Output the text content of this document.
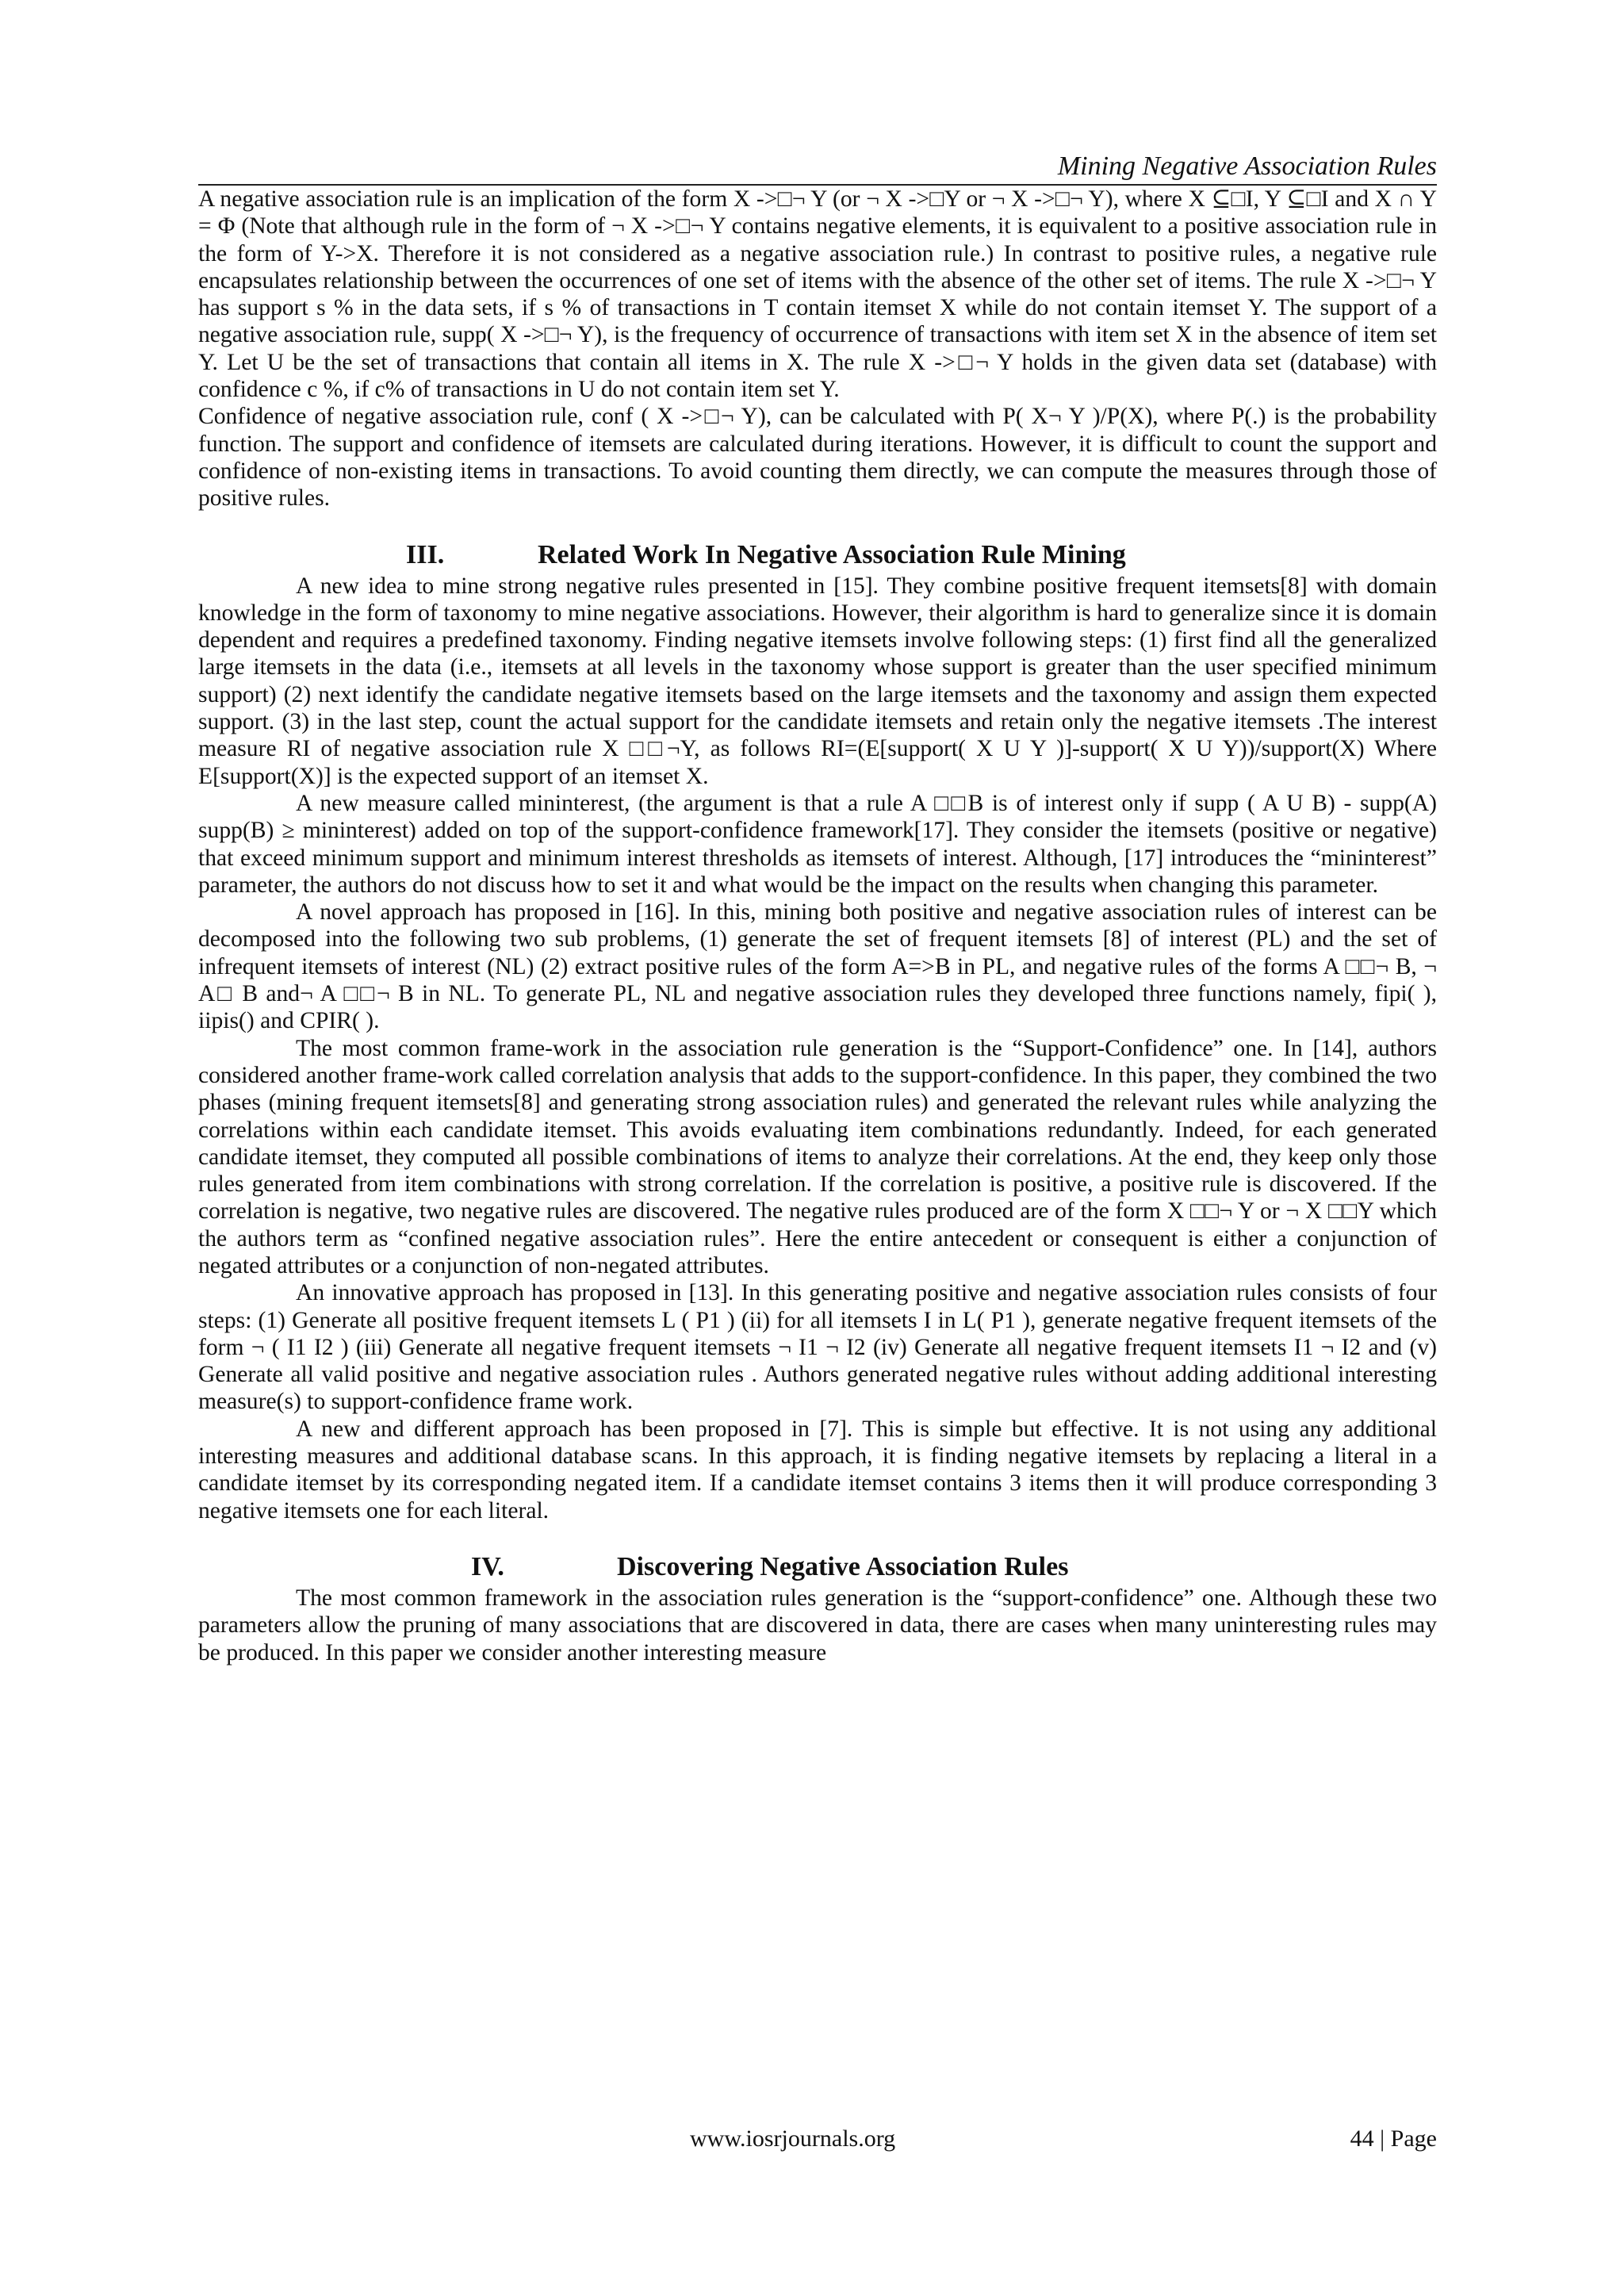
Mining Negative Association Rules

A negative association rule is an implication of the form X ->□¬ Y (or ¬ X ->□Y or ¬ X ->□¬ Y), where X ⊆□I, Y ⊆□I and X ∩ Y = Φ (Note that although rule in the form of ¬ X ->□¬ Y contains negative elements, it is equivalent to a positive association rule in the form of Y->X. Therefore it is not considered as a negative association rule.) In contrast to positive rules, a negative rule encapsulates relationship between the occurrences of one set of items with the absence of the other set of items. The rule X ->□¬ Y has support s % in the data sets, if s % of transactions in T contain itemset X while do not contain itemset Y. The support of a negative association rule, supp( X ->□¬ Y), is the frequency of occurrence of transactions with item set X in the absence of item set Y. Let U be the set of transactions that contain all items in X. The rule X ->□¬ Y holds in the given data set (database) with confidence c %, if c% of transactions in U do not contain item set Y.

Confidence of negative association rule, conf ( X ->□¬ Y), can be calculated with P( X¬ Y )/P(X), where P(.) is the probability function. The support and confidence of itemsets are calculated during iterations. However, it is difficult to count the support and confidence of non-existing items in transactions. To avoid counting them directly, we can compute the measures through those of positive rules.

III.	Related Work In Negative Association Rule Mining

A new idea to mine strong negative rules presented in [15]. They combine positive frequent itemsets[8] with domain knowledge in the form of taxonomy to mine negative associations. However, their algorithm is hard to generalize since it is domain dependent and requires a predefined taxonomy. Finding negative itemsets involve following steps: (1) first find all the generalized large itemsets in the data (i.e., itemsets at all levels in the taxonomy whose support is greater than the user specified minimum support) (2) next identify the candidate negative itemsets based on the large itemsets and the taxonomy and assign them expected support. (3) in the last step, count the actual support for the candidate itemsets and retain only the negative itemsets .The interest measure RI of negative association rule X □□¬Y, as follows RI=(E[support( X U Y )]-support( X U Y))/support(X) Where E[support(X)] is the expected support of an itemset X.

A new measure called mininterest, (the argument is that a rule A □□B is of interest only if supp ( A U B) - supp(A) supp(B) ≥ mininterest) added on top of the support-confidence framework[17]. They consider the itemsets (positive or negative) that exceed minimum support and minimum interest thresholds as itemsets of interest. Although, [17] introduces the “mininterest” parameter, the authors do not discuss how to set it and what would be the impact on the results when changing this parameter.

A novel approach has proposed in [16]. In this, mining both positive and negative association rules of interest can be decomposed into the following two sub problems, (1) generate the set of frequent itemsets [8] of interest (PL) and the set of infrequent itemsets of interest (NL) (2) extract positive rules of the form A=>B in PL, and negative rules of the forms A □□¬ B, ¬ A□ B and¬ A □□¬ B in NL. To generate PL, NL and negative association rules they developed three functions namely, fipi( ), iipis() and CPIR( ).

The most common frame-work in the association rule generation is the “Support-Confidence” one. In [14], authors considered another frame-work called correlation analysis that adds to the support-confidence. In this paper, they combined the two phases (mining frequent itemsets[8] and generating strong association rules) and generated the relevant rules while analyzing the correlations within each candidate itemset. This avoids evaluating item combinations redundantly. Indeed, for each generated candidate itemset, they computed all possible combinations of items to analyze their correlations. At the end, they keep only those rules generated from item combinations with strong correlation. If the correlation is positive, a positive rule is discovered. If the correlation is negative, two negative rules are discovered. The negative rules produced are of the form X □□¬ Y or ¬ X □□Y which the authors term as “confined negative association rules”. Here the entire antecedent or consequent is either a conjunction of negated attributes or a conjunction of non-negated attributes.

An innovative approach has proposed in [13]. In this generating positive and negative association rules consists of four steps: (1) Generate all positive frequent itemsets L ( P1 ) (ii) for all itemsets I in L( P1 ), generate negative frequent itemsets of the form ¬ ( I1 I2 ) (iii) Generate all negative frequent itemsets ¬ I1 ¬ I2 (iv) Generate all negative frequent itemsets I1 ¬ I2 and (v) Generate all valid positive and negative association rules . Authors generated negative rules without adding additional interesting measure(s) to support-confidence frame work.

A new and different approach has been proposed in [7]. This is simple but effective. It is not using any additional interesting measures and additional database scans. In this approach, it is finding negative itemsets by replacing a literal in a candidate itemset by its corresponding negated item. If a candidate itemset contains 3 items then it will produce corresponding 3 negative itemsets one for each literal.

IV.	Discovering Negative Association Rules

The most common framework in the association rules generation is the “support-confidence” one. Although these two parameters allow the pruning of many associations that are discovered in data, there are cases when many uninteresting rules may be produced. In this paper we consider another interesting measure

www.iosrjournals.org	44 | Page
